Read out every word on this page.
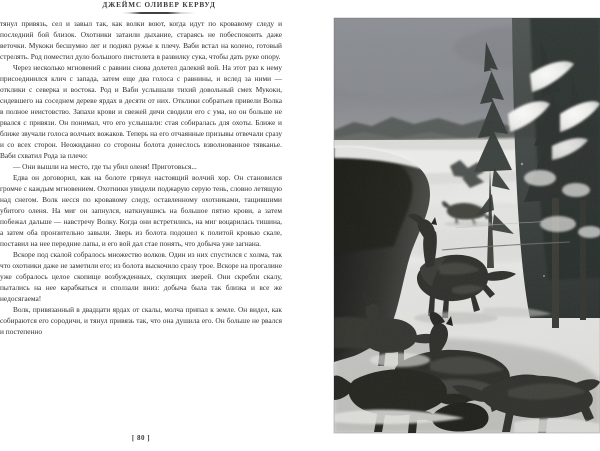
ДЖЕЙМС ОЛИВЕР КЕРВУД

тянул привязь, сел и завыл так, как волки воют, когда идут по кровавому следу и последний бой близок. Охотники затаили дыхание, стараясь не побеспокоить даже веточки. Мукоки бесшумно лег и поднял ружье к плечу. Ваби встал на колено, готовый стрелять. Род поместил дуло большого пистолета в развилку сука, чтобы дать руке опору.

Через несколько мгновений с равнин снова долетел далекий вой. На этот раз к нему присоединился клич с запада, затем еще два голоса с равнины, и вслед за ними — отклики с северка и востока. Род и Ваби услышали тихий довольный смех Мукоки, сидевшего на соседнем дереве ярдах в десяти от них. Отклики собратьев привели Волка в полное неистовство. Запахи крови и свежей дичи сводили его с ума, но он больше не рвался с привязи. Он понимал, что его услышали: стая собиралась для охоты. Ближе и ближе звучали голоса волчьих вожаков. Теперь на его отчаянные призывы отвечали сразу и со всех сторон. Неожиданно со стороны болота донеслось взволнованное тявканье. Ваби схватил Рода за плечо:

— Они вышли на место, где ты убил оленя! Приготовься...

Едва он договорил, как на болоте грянул настоящий волчий хор. Он становился громче с каждым мгновением. Охотники увидели поджарую серую тень, словно летящую над снегом. Волк несся по кровавому следу, оставленному охотниками, тащившими убитого оленя. На миг он запнулся, наткнувшись на большое пятно крови, а затем побежал дальше — навстречу Волку. Когда они встретились, на миг воцарилась тишина, а затем оба пронзительно завыли. Зверь из болота подошел к политой кровью скале, поставил на нее передние лапы, и его вой дал стае понять, что добыча уже загнана.

Вскоре под скалой собралось множество волков. Один из них спустился с холма, так что охотники даже не заметили его; из болота выскочило сразу трое. Вскоре на прогалине уже собралось целое скопище возбужденных, скулящих зверей. Они скребли скалу, пытались на нее карабкаться и сползали вниз: добыча была так близка и все же недосягаема!

Волк, привязанный в двадцати ярдах от скалы, молча припал к земле. Он видел, как собираются его сородичи, и тянул привязь так, что она душила его. Он больше не рвался и постепенно

[ 80 ]
